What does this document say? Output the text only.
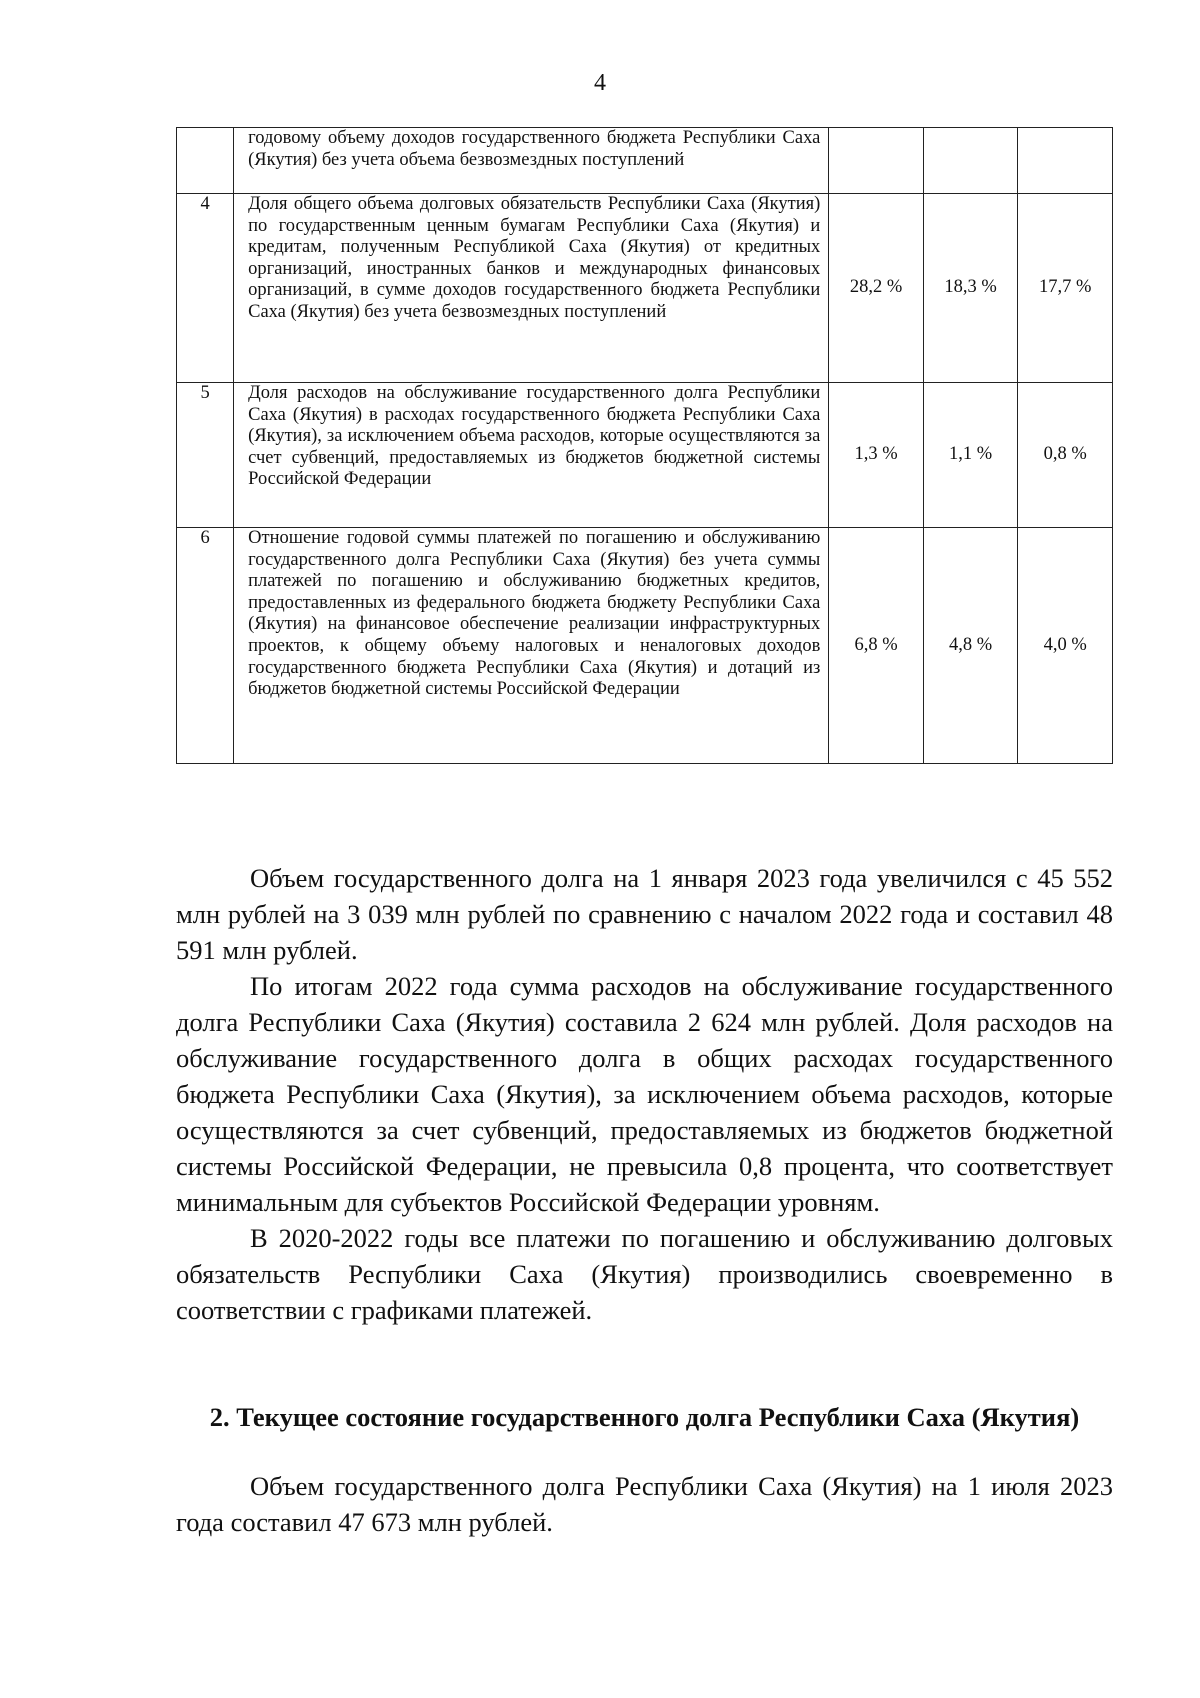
4
	годовому объему доходов государственного бюджета Республики Саха (Якутия) без учета объема безвозмездных поступлений			
4	Доля общего объема долговых обязательств Республики Саха (Якутия) по государственным ценным бумагам Республики Саха (Якутия) и кредитам, полученным Республикой Саха (Якутия) от кредитных организаций, иностранных банков и международных финансовых организаций, в сумме доходов государственного бюджета Республики Саха (Якутия) без учета безвозмездных поступлений	28,2 %	18,3 %	17,7 %
5	Доля расходов на обслуживание государственного долга Республики Саха (Якутия) в расходах государственного бюджета Республики Саха (Якутия), за исключением объема расходов, которые осуществляются за счет субвенций, предоставляемых из бюджетов бюджетной системы Российской Федерации	1,3 %	1,1 %	0,8 %
6	Отношение годовой суммы платежей по погашению и обслуживанию государственного долга Республики Саха (Якутия) без учета суммы платежей по погашению и обслуживанию бюджетных кредитов, предоставленных из федерального бюджета бюджету Республики Саха (Якутия) на финансовое обеспечение реализации инфраструктурных проектов, к общему объему налоговых и неналоговых доходов государственного бюджета Республики Саха (Якутия) и дотаций из бюджетов бюджетной системы Российской Федерации	6,8 %	4,8 %	4,0 %

Объем государственного долга на 1 января 2023 года увеличился с 45 552 млн рублей на 3 039 млн рублей по сравнению с началом 2022 года и составил 48 591 млн рублей.

По итогам 2022 года сумма расходов на обслуживание государственного долга Республики Саха (Якутия) составила 2 624 млн рублей. Доля расходов на обслуживание государственного долга в общих расходах государственного бюджета Республики Саха (Якутия), за исключением объема расходов, которые осуществляются за счет субвенций, предоставляемых из бюджетов бюджетной системы Российской Федерации, не превысила 0,8 процента, что соответствует минимальным для субъектов Российской Федерации уровням.

В 2020-2022 годы все платежи по погашению и обслуживанию долговых обязательств Республики Саха (Якутия) производились своевременно в соответствии с графиками платежей.

2. Текущее состояние государственного долга Республики Саха (Якутия)

Объем государственного долга Республики Саха (Якутия) на 1 июля 2023 года составил 47 673 млн рублей.
